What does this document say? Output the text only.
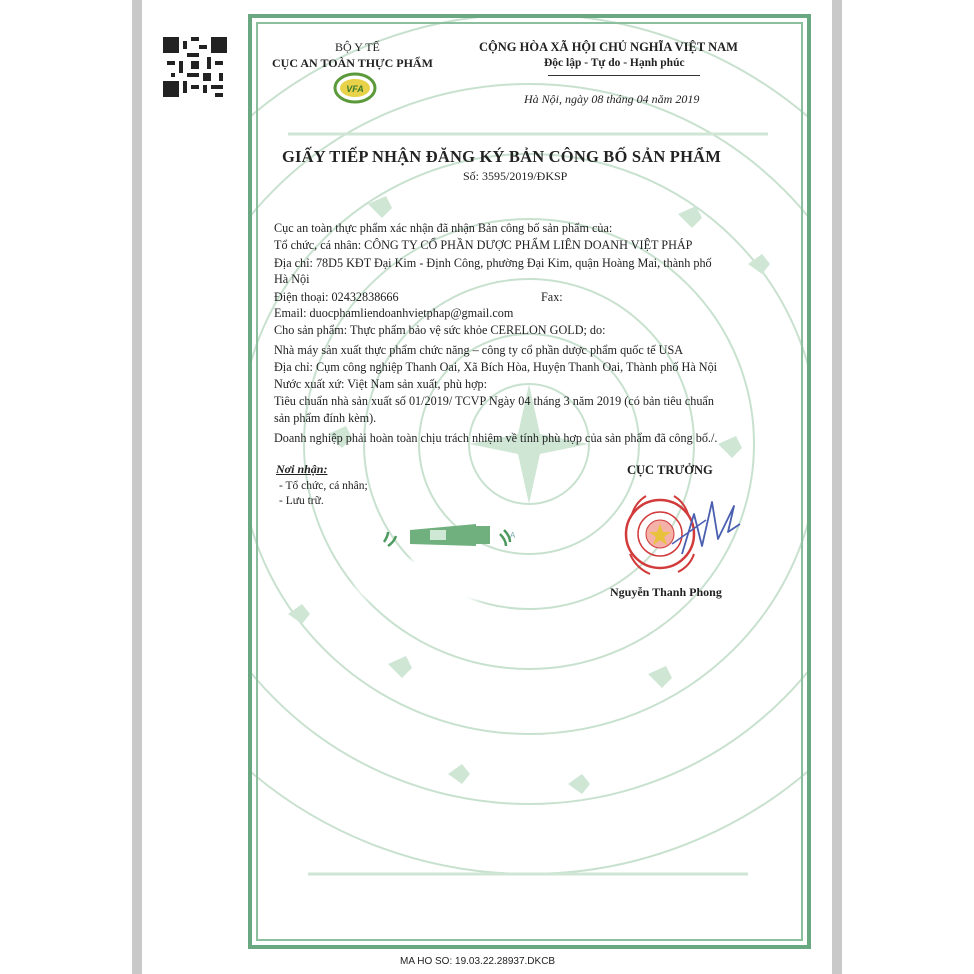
BỘ Y TẾ
CỤC AN TOÀN THỰC PHẨM
VFA
CỘNG HÒA XÃ HỘI CHỦ NGHĨA VIỆT NAM
Độc lập - Tự do - Hạnh phúc
Hà Nội, ngày 08 tháng 04 năm 2019
GIẤY TIẾP NHẬN ĐĂNG KÝ BẢN CÔNG BỐ SẢN PHẨM
Số: 3595/2019/ĐKSP
Cục an toàn thực phẩm xác nhận đã nhận Bản công bố sản phẩm của:
Tổ chức, cá nhân: CÔNG TY CỔ PHẦN DƯỢC PHẨM LIÊN DOANH VIỆT PHÁP
Địa chỉ: 78D5 KĐT Đại Kim - Định Công, phường Đại Kim, quận Hoàng Mai, thành phố
Hà Nội
Điện thoại: 02432838666	Fax:
Email: duocphamliendoanhvietphap@gmail.com
Cho sản phẩm: Thực phẩm bảo vệ sức khỏe CERELON GOLD; do:
Nhà máy sản xuất thực phẩm chức năng – công ty cổ phần dược phẩm quốc tế USA
Địa chỉ: Cụm công nghiệp Thanh Oai, Xã Bích Hòa, Huyện Thanh Oai, Thành phố Hà Nội
Nước xuất xứ: Việt Nam sản xuất, phù hợp:
Tiêu chuẩn nhà sản xuất số 01/2019/ TCVP Ngày 04 tháng 3 năm 2019 (có bản tiêu chuẩn
sản phẩm đính kèm).
Doanh nghiệp phải hoàn toàn chịu trách nhiệm về tính phù hợp của sản phẩm đã công bố./.
Nơi nhận:
- Tổ chức, cá nhân;
- Lưu trữ.
CỤC TRƯỞNG
Nguyễn Thanh Phong
A
MA HO SO: 19.03.22.28937.DKCB
